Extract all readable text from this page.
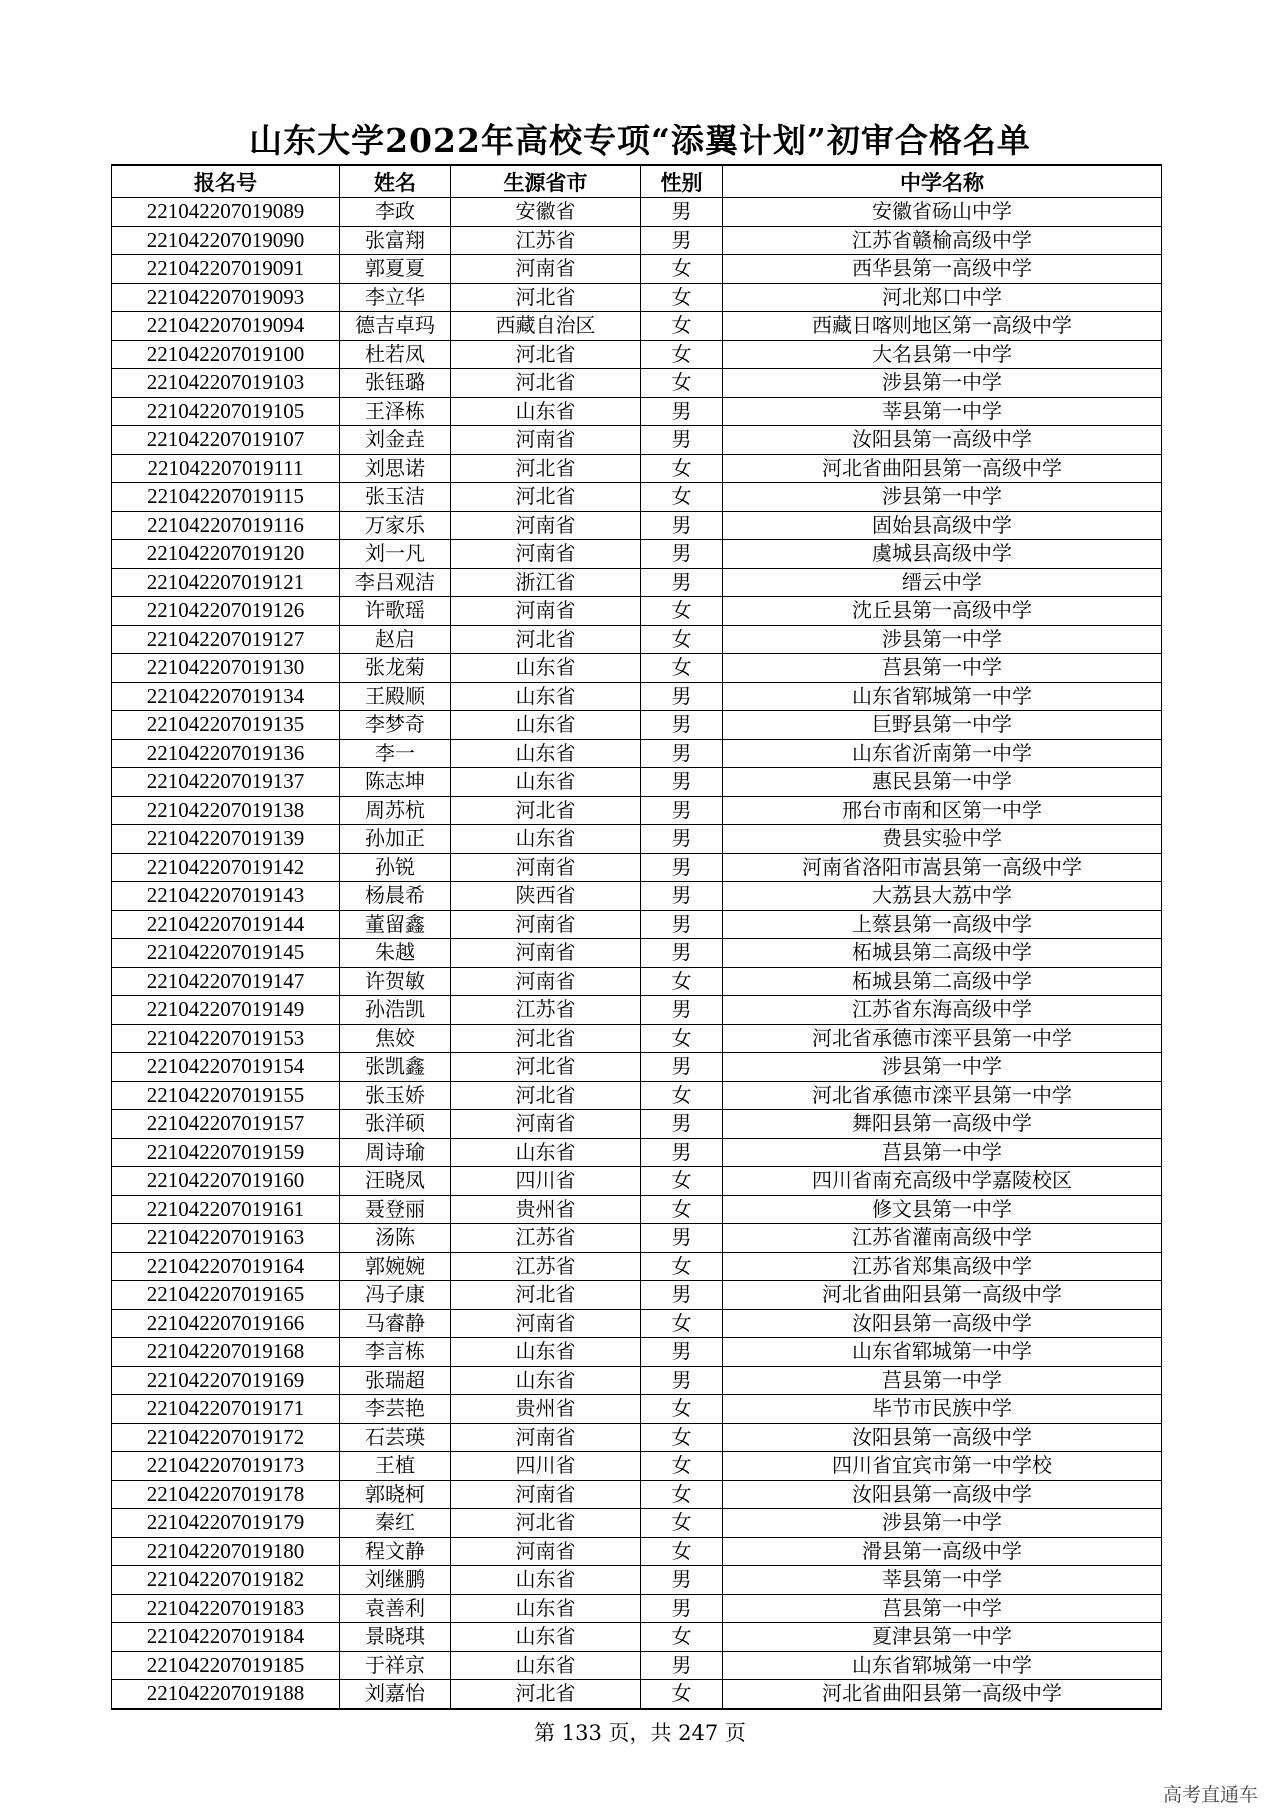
山东大学2022年高校专项“添翼计划”初审合格名单
报名号	姓名	生源省市	性别	中学名称
221042207019089	李政	安徽省	男	安徽省砀山中学
221042207019090	张富翔	江苏省	男	江苏省赣榆高级中学
221042207019091	郭夏夏	河南省	女	西华县第一高级中学
221042207019093	李立华	河北省	女	河北郑口中学
221042207019094	德吉卓玛	西藏自治区	女	西藏日喀则地区第一高级中学
221042207019100	杜若凤	河北省	女	大名县第一中学
221042207019103	张钰璐	河北省	女	涉县第一中学
221042207019105	王泽栋	山东省	男	莘县第一中学
221042207019107	刘金垚	河南省	男	汝阳县第一高级中学
221042207019111	刘思诺	河北省	女	河北省曲阳县第一高级中学
221042207019115	张玉洁	河北省	女	涉县第一中学
221042207019116	万家乐	河南省	男	固始县高级中学
221042207019120	刘一凡	河南省	男	虞城县高级中学
221042207019121	李吕观洁	浙江省	男	缙云中学
221042207019126	许歌瑶	河南省	女	沈丘县第一高级中学
221042207019127	赵启	河北省	女	涉县第一中学
221042207019130	张龙菊	山东省	女	莒县第一中学
221042207019134	王殿顺	山东省	男	山东省郓城第一中学
221042207019135	李梦奇	山东省	男	巨野县第一中学
221042207019136	李一	山东省	男	山东省沂南第一中学
221042207019137	陈志坤	山东省	男	惠民县第一中学
221042207019138	周苏杭	河北省	男	邢台市南和区第一中学
221042207019139	孙加正	山东省	男	费县实验中学
221042207019142	孙锐	河南省	男	河南省洛阳市嵩县第一高级中学
221042207019143	杨晨希	陕西省	男	大荔县大荔中学
221042207019144	董留鑫	河南省	男	上蔡县第一高级中学
221042207019145	朱越	河南省	男	柘城县第二高级中学
221042207019147	许贺敏	河南省	女	柘城县第二高级中学
221042207019149	孙浩凯	江苏省	男	江苏省东海高级中学
221042207019153	焦姣	河北省	女	河北省承德市滦平县第一中学
221042207019154	张凯鑫	河北省	男	涉县第一中学
221042207019155	张玉娇	河北省	女	河北省承德市滦平县第一中学
221042207019157	张洋硕	河南省	男	舞阳县第一高级中学
221042207019159	周诗瑜	山东省	男	莒县第一中学
221042207019160	汪晓凤	四川省	女	四川省南充高级中学嘉陵校区
221042207019161	聂登丽	贵州省	女	修文县第一中学
221042207019163	汤陈	江苏省	男	江苏省灌南高级中学
221042207019164	郭婉婉	江苏省	女	江苏省郑集高级中学
221042207019165	冯子康	河北省	男	河北省曲阳县第一高级中学
221042207019166	马睿静	河南省	女	汝阳县第一高级中学
221042207019168	李言栋	山东省	男	山东省郓城第一中学
221042207019169	张瑞超	山东省	男	莒县第一中学
221042207019171	李芸艳	贵州省	女	毕节市民族中学
221042207019172	石芸瑛	河南省	女	汝阳县第一高级中学
221042207019173	王植	四川省	女	四川省宜宾市第一中学校
221042207019178	郭晓柯	河南省	女	汝阳县第一高级中学
221042207019179	秦红	河北省	女	涉县第一中学
221042207019180	程文静	河南省	女	滑县第一高级中学
221042207019182	刘继鹏	山东省	男	莘县第一中学
221042207019183	袁善利	山东省	男	莒县第一中学
221042207019184	景晓琪	山东省	女	夏津县第一中学
221042207019185	于祥京	山东省	男	山东省郓城第一中学
221042207019188	刘嘉怡	河北省	女	河北省曲阳县第一高级中学
第 133 页，共 247 页
高考直通车
